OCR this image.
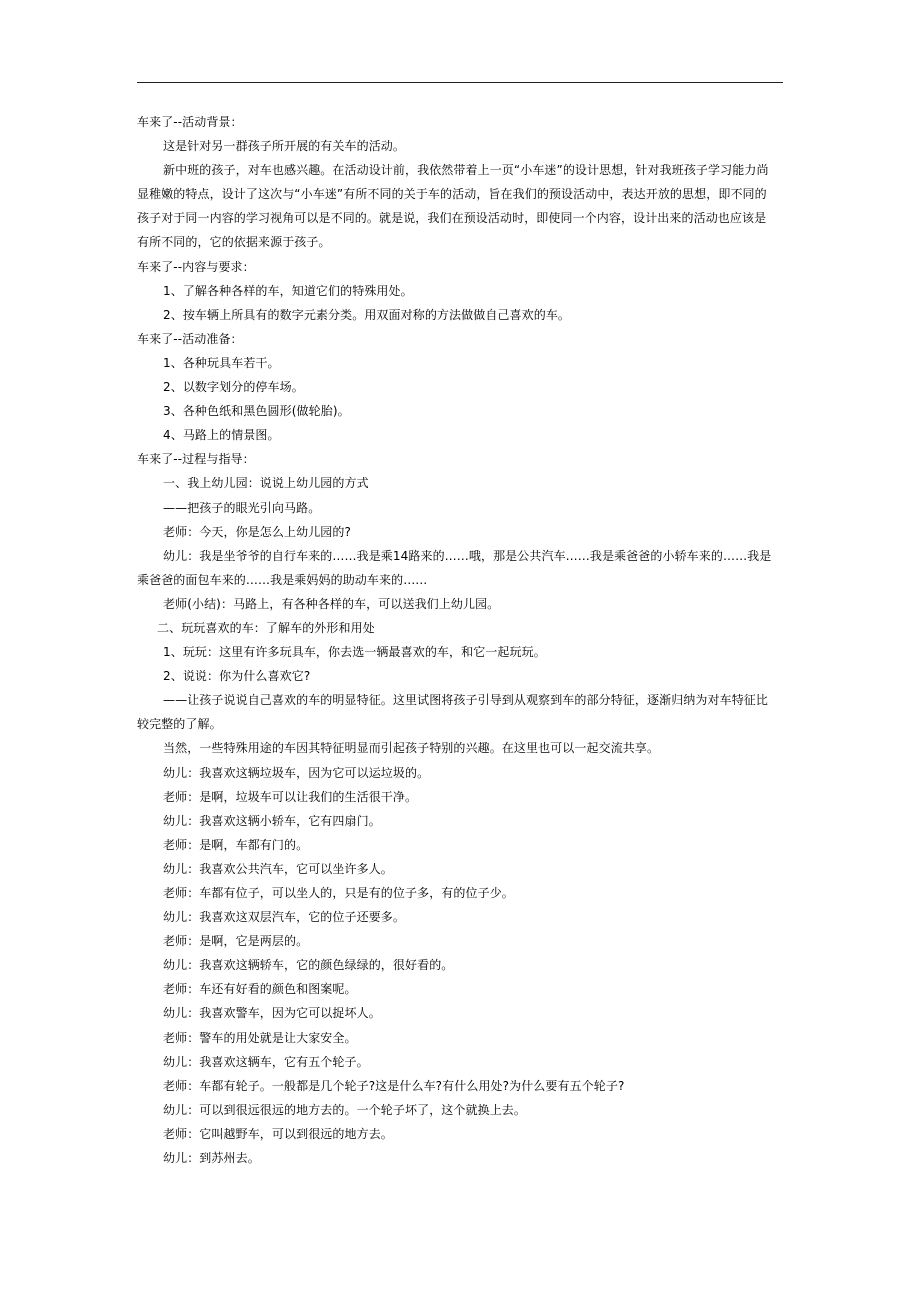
车来了--活动背景：
这是针对另一群孩子所开展的有关车的活动。
新中班的孩子，对车也感兴趣。在活动设计前，我依然带着上一页“小车迷”的设计思想，针对我班孩子学习能力尚
显稚嫩的特点，设计了这次与“小车迷”有所不同的关于车的活动，旨在我们的预设活动中，表达开放的思想，即不同的
孩子对于同一内容的学习视角可以是不同的。就是说，我们在预设活动时，即使同一个内容，设计出来的活动也应该是
有所不同的，它的依据来源于孩子。
车来了--内容与要求：
1、了解各种各样的车，知道它们的特殊用处。
2、按车辆上所具有的数字元素分类。用双面对称的方法做做自己喜欢的车。
车来了--活动准备：
1、各种玩具车若干。
2、以数字划分的停车场。
3、各种色纸和黑色圆形(做轮胎)。
4、马路上的情景图。
车来了--过程与指导：
一、我上幼儿园：说说上幼儿园的方式
——把孩子的眼光引向马路。
老师：今天，你是怎么上幼儿园的?
幼儿：我是坐爷爷的自行车来的……我是乘14路来的……哦，那是公共汽车……我是乘爸爸的小轿车来的……我是
乘爸爸的面包车来的……我是乘妈妈的助动车来的……
老师(小结)：马路上，有各种各样的车，可以送我们上幼儿园。
二、玩玩喜欢的车：了解车的外形和用处
1、玩玩：这里有许多玩具车，你去选一辆最喜欢的车，和它一起玩玩。
2、说说：你为什么喜欢它?
——让孩子说说自己喜欢的车的明显特征。这里试图将孩子引导到从观察到车的部分特征，逐渐归纳为对车特征比
较完整的了解。
当然，一些特殊用途的车因其特征明显而引起孩子特别的兴趣。在这里也可以一起交流共享。
幼儿：我喜欢这辆垃圾车，因为它可以运垃圾的。
老师：是啊，垃圾车可以让我们的生活很干净。
幼儿：我喜欢这辆小轿车，它有四扇门。
老师：是啊，车都有门的。
幼儿：我喜欢公共汽车，它可以坐许多人。
老师：车都有位子，可以坐人的，只是有的位子多，有的位子少。
幼儿：我喜欢这双层汽车，它的位子还要多。
老师：是啊，它是两层的。
幼儿：我喜欢这辆轿车，它的颜色绿绿的，很好看的。
老师：车还有好看的颜色和图案呢。
幼儿：我喜欢警车，因为它可以捉坏人。
老师：警车的用处就是让大家安全。
幼儿：我喜欢这辆车，它有五个轮子。
老师：车都有轮子。一般都是几个轮子?这是什么车?有什么用处?为什么要有五个轮子?
幼儿：可以到很远很远的地方去的。一个轮子坏了，这个就换上去。
老师：它叫越野车，可以到很远的地方去。
幼儿：到苏州去。
